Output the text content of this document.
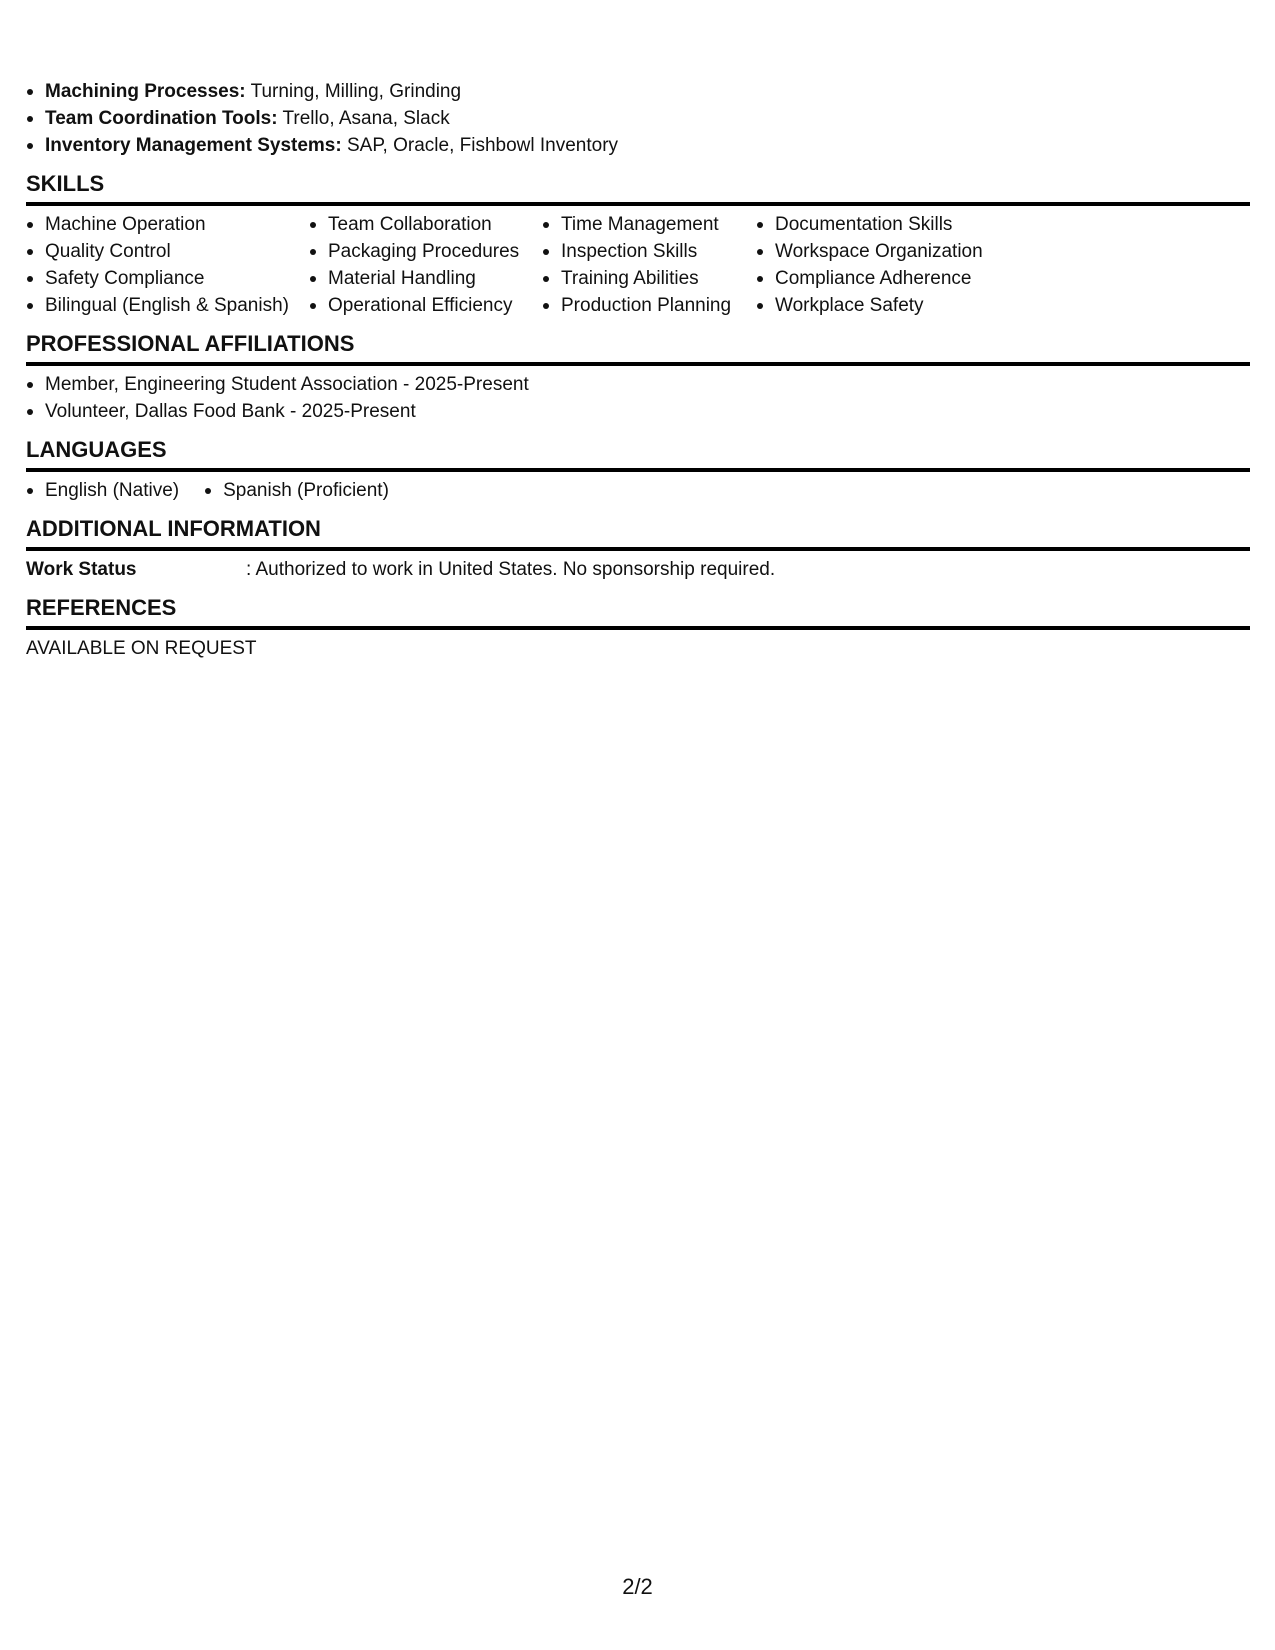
Machining Processes: Turning, Milling, Grinding
Team Coordination Tools: Trello, Asana, Slack
Inventory Management Systems: SAP, Oracle, Fishbowl Inventory
SKILLS
Machine Operation
Quality Control
Safety Compliance
Bilingual (English & Spanish)
Team Collaboration
Packaging Procedures
Material Handling
Operational Efficiency
Time Management
Inspection Skills
Training Abilities
Production Planning
Documentation Skills
Workspace Organization
Compliance Adherence
Workplace Safety
PROFESSIONAL AFFILIATIONS
Member, Engineering Student Association - 2025-Present
Volunteer, Dallas Food Bank - 2025-Present
LANGUAGES
English (Native)	Spanish (Proficient)
ADDITIONAL INFORMATION
Work Status	: Authorized to work in United States. No sponsorship required.
REFERENCES
AVAILABLE ON REQUEST
2/2
